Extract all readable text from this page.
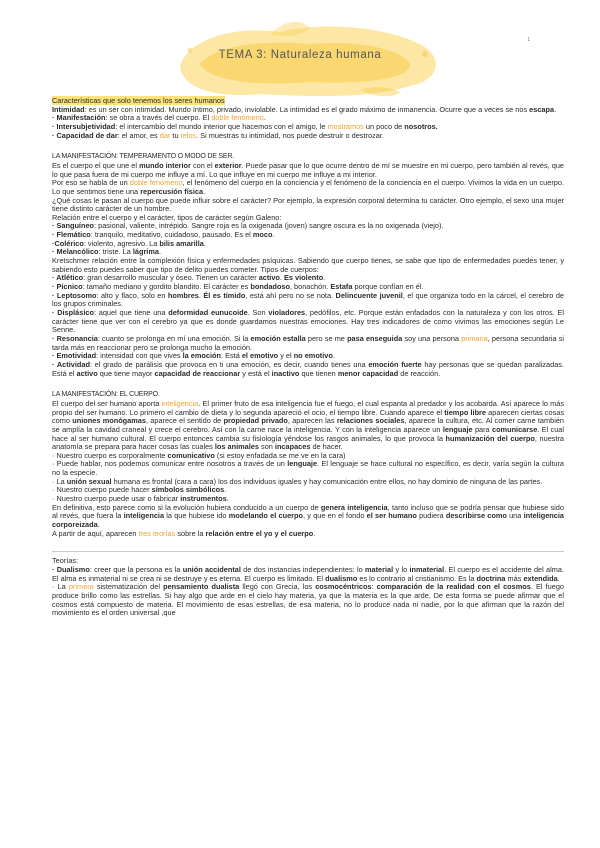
TEMA 3: Naturaleza humana
1

Características que solo tenemos los seres humanos

Intimidad: es un ser con intimidad. Mundo íntimo, privado, inviolable. La intimidad es el grado máximo de inmanencia. Ocurre que a veces se nos escapa.

· Manifestación: se obra a través del cuerpo. El doble fenómeno.

· Intersubjetividad: el intercambio del mundo interior que hacemos con el amigo, le mostramos un poco de nosotros.

· Capacidad de dar: el amor, es dar tu telos. Si muestras tu intimidad, nos puede destruir o destrozar.

LA MANIFESTACIÓN: TEMPERAMENTO O MODO DE SER.

Es el cuerpo el que une el mundo interior con el exterior. Puede pasar que lo que ocurre dentro de mí se muestre en mi cuerpo, pero también al revés, que lo que pasa fuera de mi cuerpo me influye a mí. Lo que influye en mi cuerpo me influye a mi interior.

Por eso se habla de un doble fenómeno, el fenómeno del cuerpo en la conciencia y el fenómeno de la conciencia en el cuerpo. Vivimos la vida en un cuerpo. Lo que sentimos tiene una repercusión física.

¿Qué cosas le pasan al cuerpo que puede influir sobre el carácter? Por ejemplo, la expresión corporal determina tu carácter. Otro ejemplo, el sexo una mujer tiene distinto carácter de un hombre.

Relación entre el cuerpo y el carácter, tipos de carácter según Galeno:

· Sanguíneo: pasional, valiente, intrépido. Sangre roja es la oxigenada (joven) sangre oscura es la no oxigenada (viejo).

· Flemático: tranquilo, meditativo, cuidadoso, pausado. Es el moco.

·Colérico: violento, agresivo. La bilis amarilla.

· Melancólico: triste. La lágrima.

Kretschmer relación entre la complexión física y enfermedades psíquicas. Sabiendo que cuerpo tienes, se sabe que tipo de enfermedades puedes tener, y sabiendo esto puedes saber que tipo de delito puedes cometer. Tipos de cuerpos:

· Atlético: gran desarrollo muscular y óseo. Tienen un carácter activo. Es violento.

· Pícnico: tamaño mediano y gordito blandito. El carácter es bondadoso, bonachón. Estafa porque confían en él.

· Leptosomo: alto y flaco, solo en hombres. Él es tímido, está ahí pero no se nota. Delincuente juvenil, el que organiza todo en la cárcel, el cerebro de los grupos criminales.

· Displásico: aquel que tiene una deformidad eunucoide. Son violadores, pedófilos, etc. Porque están enfadados con la naturaleza y con los otros. El carácter tiene que ver con el cerebro ya que es donde guardamos nuestras emociones. Hay tres indicadores de como vivimos las emociones según Le Senne.

· Resonancia: cuanto se prolonga en mí una emoción. Si la emoción estalla pero se me pasa enseguida soy una persona primaria, persona secundaria si tarda más en reaccionar pero se prolonga mucho la emoción.

· Emotividad: intensidad con que vives la emoción. Está el emotivo y el no emotivo.

· Actividad: el grado de parálisis que provoca en ti una emoción, es decir, cuando tienes una emoción fuerte hay personas que se quedan paralizadas. Está el activo que tiene mayor capacidad de reaccionar y está el inactivo que tienen menor capacidad de reacción.

LA MANIFESTACIÓN: EL CUERPO.

El cuerpo del ser humano aporta inteligencia. El primer fruto de esa inteligencia fue el fuego, el cual espanta al predador y los acobarda. Así aparece lo más propio del ser humano. Lo primero el cambio de dieta y lo segunda apareció el ocio, el tiempo libre. Cuando aparece el tiempo libre aparecen ciertas cosas como uniones monógamas, aparece el sentido de propiedad privado, aparecen las relaciones sociales, aparece la cultura, etc. Al comer carne también se amplía la cavidad craneal y crece el cerebro. Así con la carne nace la inteligencia. Y con la inteligencia aparece un lenguaje para comunicarse. El cual hace al ser humano cultural. El cuerpo entonces cambia su fisiología yéndose los rasgos animales, lo que provoca la humanización del cuerpo, nuestra anatomía se prepara para hacer cosas las cuales los animales son incapaces de hacer.

· Nuestro cuerpo es corporalmente comunicativo (si estoy enfadada se me ve en la cara)

· Puede hablar, nos podemos comunicar entre nosotros a través de un lenguaje. El lenguaje se hace cultural no específico, es decir, varía según la cultura no la especie.

· La unión sexual humana es frontal (cara a cara) los dos individuos iguales y hay comunicación entre ellos, no hay dominio de ninguna de las partes.

· Nuestro cuerpo puede hacer símbolos simbólicos.

· Nuestro cuerpo puede usar o fabricar instrumentos.

En definitiva, esto parece como si la evolución hubiera conducido a un cuerpo de genera inteligencia, tanto incluso que se podría pensar que hubiese sido al revés, que fuera la inteligencia la que hubiese ido modelando el cuerpo, y que en el fondo el ser humano pudiera describirse como una inteligencia corporeizada.

A partir de aquí, aparecen tres teorías sobre la relación entre el yo y el cuerpo.

Teorías:

· Dualismo: creer que la persona es la unión accidental de dos instancias independientes: lo material y lo inmaterial. El cuerpo es el accidente del alma. El alma es inmaterial ni se crea ni se destruye y es eterna. El cuerpo es limitado. El dualismo es lo contrario al cristianismo. Es la doctrina más extendida.

· La primera sistematización del pensamiento dualista llegó con Grecia, los cosmocéntricos: comparación de la realidad con el cosmos. El fuego produce brillo como las estrellas. Si hay algo que arde en el cielo hay materia, ya que la materia es la que arde. De esta forma se puede afirmar que el cosmos está compuesto de materia. El movimiento de esas estrellas, de esa materia, no lo produce nada ni nadie, por lo que afirman que la razón del movimiento es el orden universal ,que
